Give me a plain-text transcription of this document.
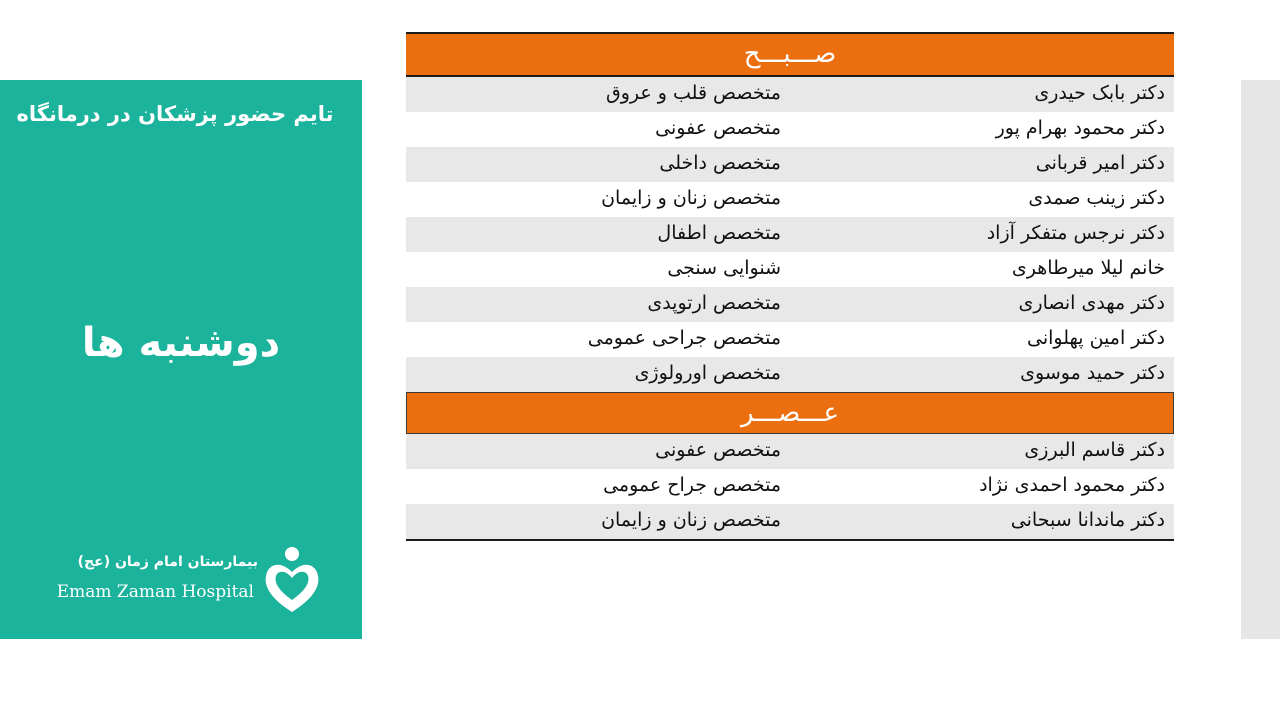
تایم حضور پزشکان در درمانگاه
دوشنبه ها
بیمارستان امام زمان (عج)
Emam Zaman Hospital
صـــبـــح
دکتر بابک حیدری
متخصص قلب و عروق
دکتر محمود بهرام پور
متخصص عفونی
دکتر امیر قربانی
متخصص داخلی
دکتر زینب صمدی
متخصص زنان و زایمان
دکتر نرجس متفکر آزاد
متخصص اطفال
خانم لیلا میرطاهری
شنوایی سنجی
دکتر مهدی انصاری
متخصص ارتوپدی
دکتر امین پهلوانی
متخصص جراحی عمومی
دکتر حمید موسوی
متخصص اورولوژی
عـــصـــر
دکتر قاسم البرزی
متخصص عفونی
دکتر محمود احمدی نژاد
متخصص جراح عمومی
دکتر ماندانا سبحانی
متخصص زنان و زایمان
